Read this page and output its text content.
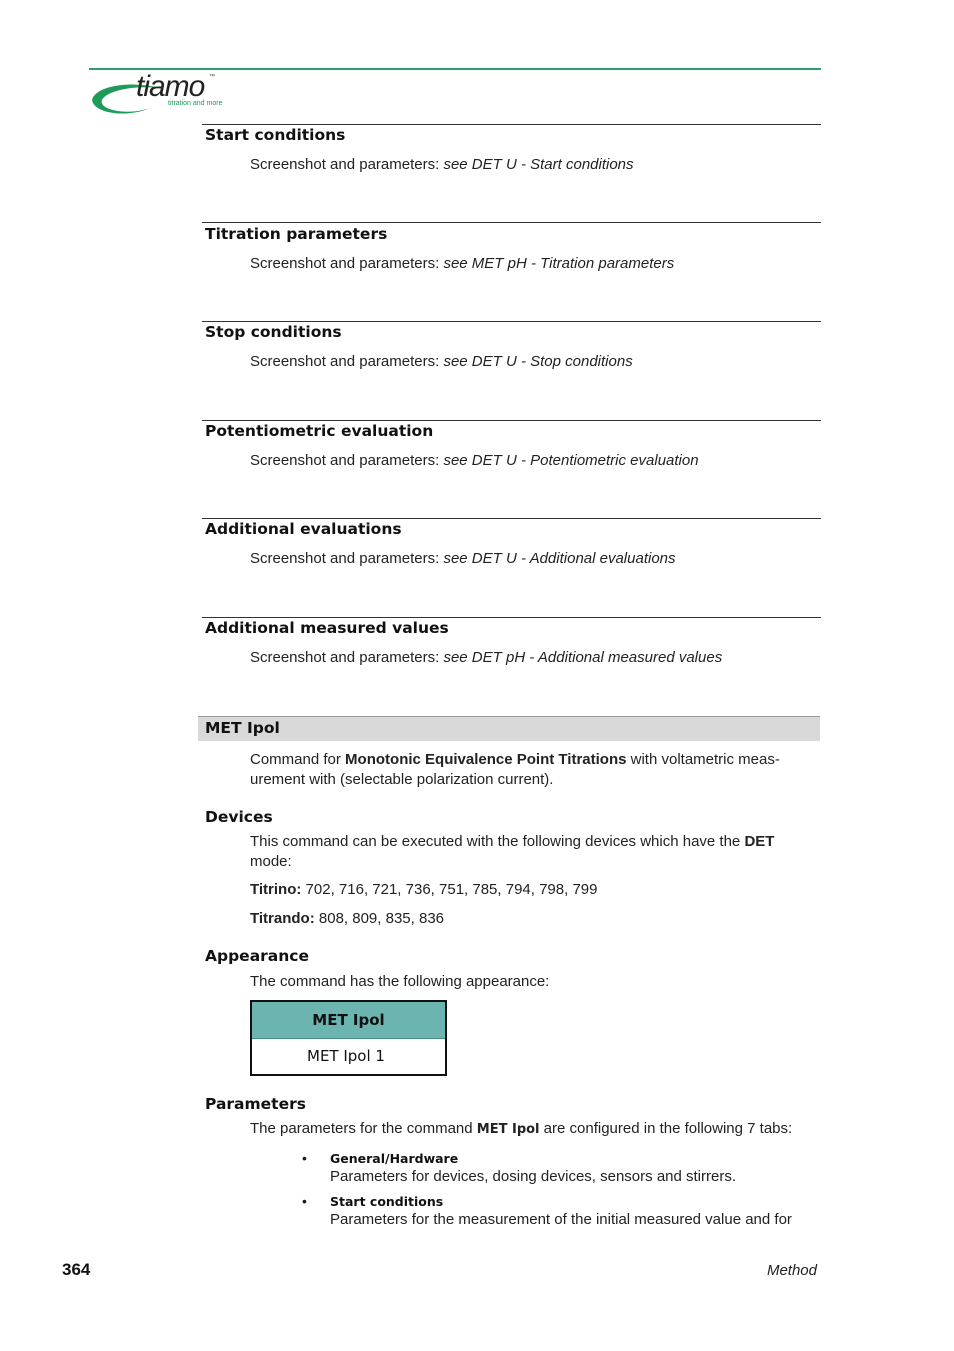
tiamo ™
titration and more
Start conditions
Screenshot and parameters: see DET U - Start conditions
Titration parameters
Screenshot and parameters: see MET pH - Titration parameters
Stop conditions
Screenshot and parameters: see DET U - Stop conditions
Potentiometric evaluation
Screenshot and parameters: see DET U - Potentiometric evaluation
Additional evaluations
Screenshot and parameters: see DET U - Additional evaluations
Additional measured values
Screenshot and parameters: see DET pH - Additional measured values
MET Ipol
Command for Monotonic Equivalence Point Titrations with voltametric meas-
urement with (selectable polarization current).
Devices
This command can be executed with the following devices which have the DET
mode:
Titrino: 702, 716, 721, 736, 751, 785, 794, 798, 799
Titrando: 808, 809, 835, 836
Appearance
The command has the following appearance:
MET Ipol
MET Ipol 1
Parameters
The parameters for the command MET Ipol are configured in the following 7 tabs:
• General/Hardware
Parameters for devices, dosing devices, sensors and stirrers.
• Start conditions
Parameters for the measurement of the initial measured value and for
364	Method
